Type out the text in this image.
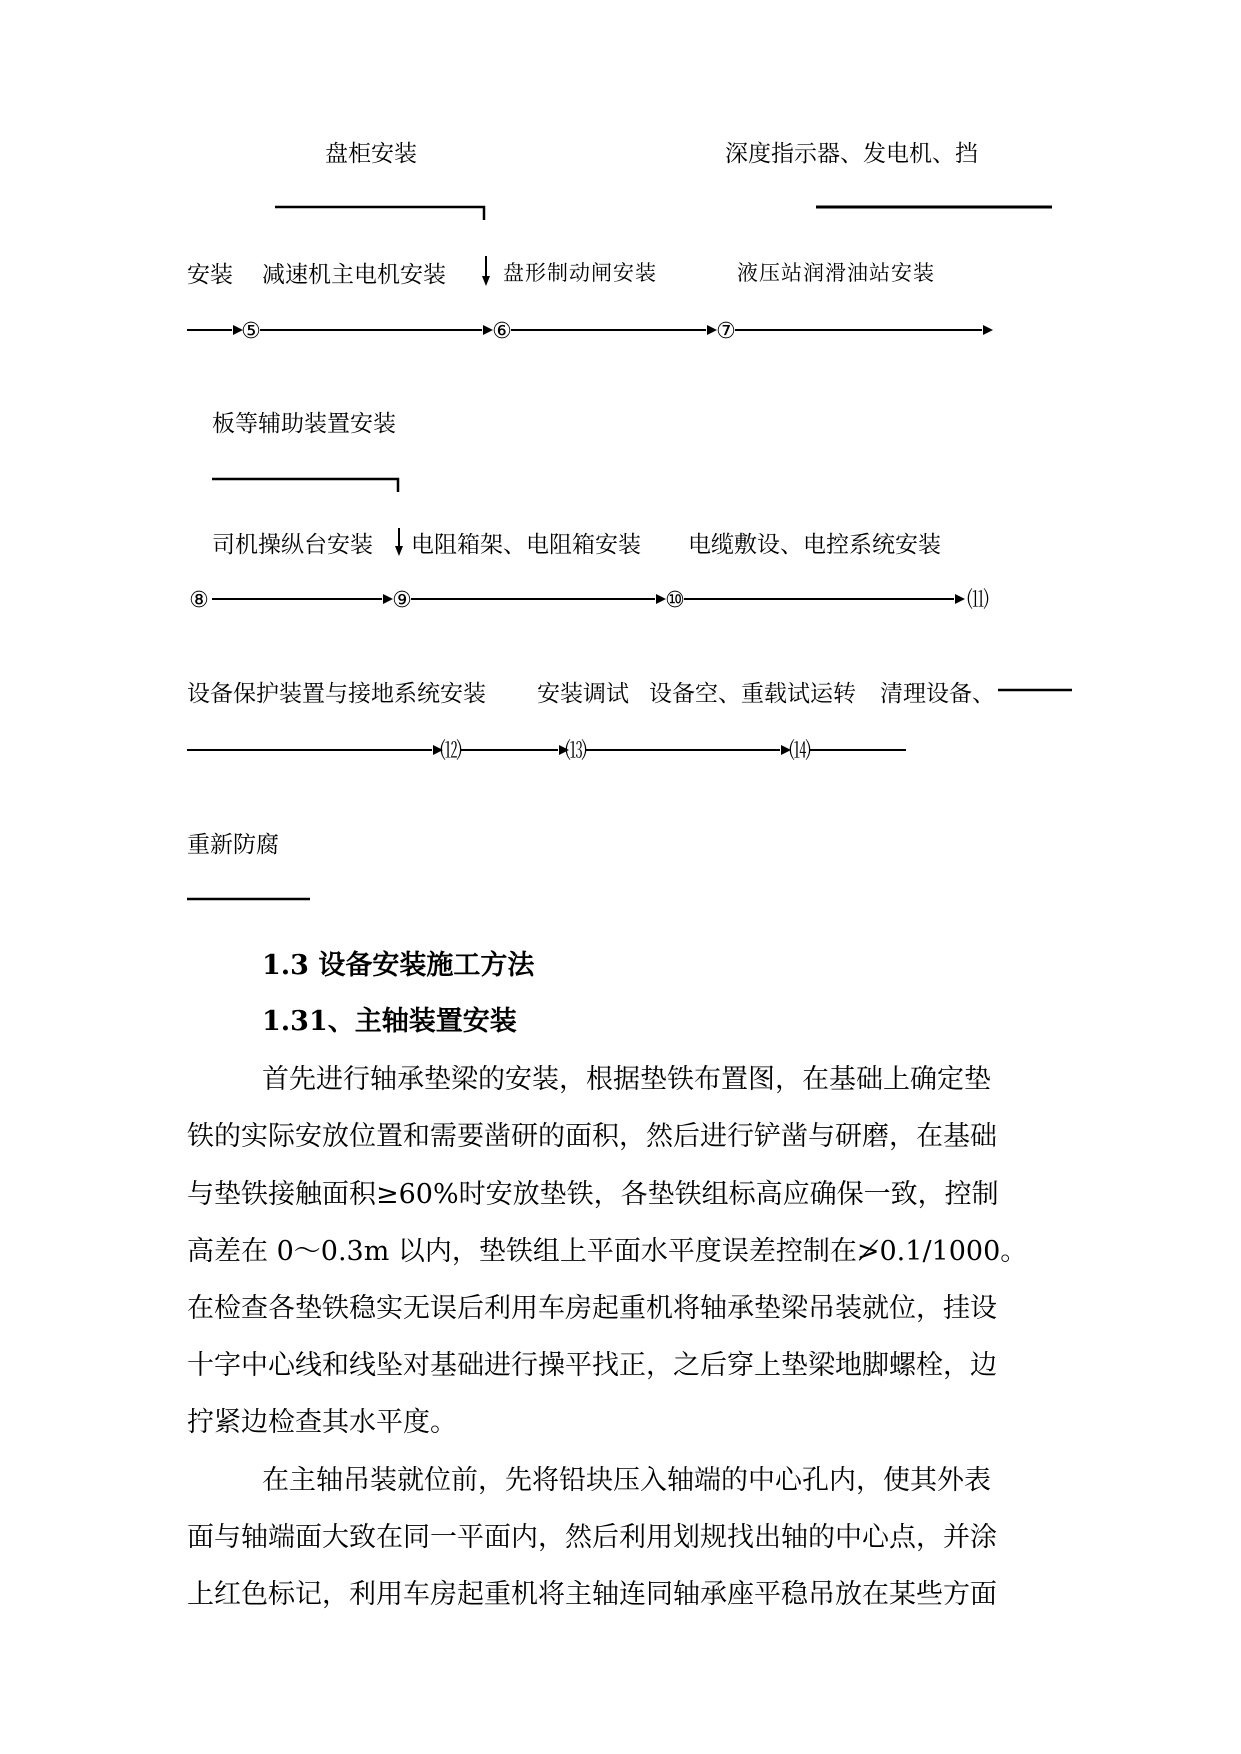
盘柜安装	深度指示器、发电机、挡
安装 减速机主电机安装	盘形制动闸安装	液压站润滑油站安装
板等辅助装置安装
司机操纵台安装 电阻箱架、电阻箱安装 电缆敷设、电控系统安装
设备保护装置与接地系统安装 安装调试 设备空、重载试运转 清理设备、
重新防腐
⑤	⑥	⑦
⑧	⑨	⑩	⑾
⑿	⒀	⒁
1.3 设备安装施工方法
1.31、主轴装置安装
首先进行轴承垫梁的安装，根据垫铁布置图，在基础上确定垫
铁的实际安放位置和需要凿研的面积，然后进行铲凿与研磨，在基础
与垫铁接触面积≥60%时安放垫铁，各垫铁组标高应确保一致，控制
高差在 0～0.3m 以内，垫铁组上平面水平度误差控制在≯0.1/1000。
在检查各垫铁稳实无误后利用车房起重机将轴承垫梁吊装就位，挂设
十字中心线和线坠对基础进行操平找正，之后穿上垫梁地脚螺栓，边
拧紧边检查其水平度。
在主轴吊装就位前，先将铅块压入轴端的中心孔内，使其外表
面与轴端面大致在同一平面内，然后利用划规找出轴的中心点，并涂
上红色标记，利用车房起重机将主轴连同轴承座平稳吊放在某些方面
